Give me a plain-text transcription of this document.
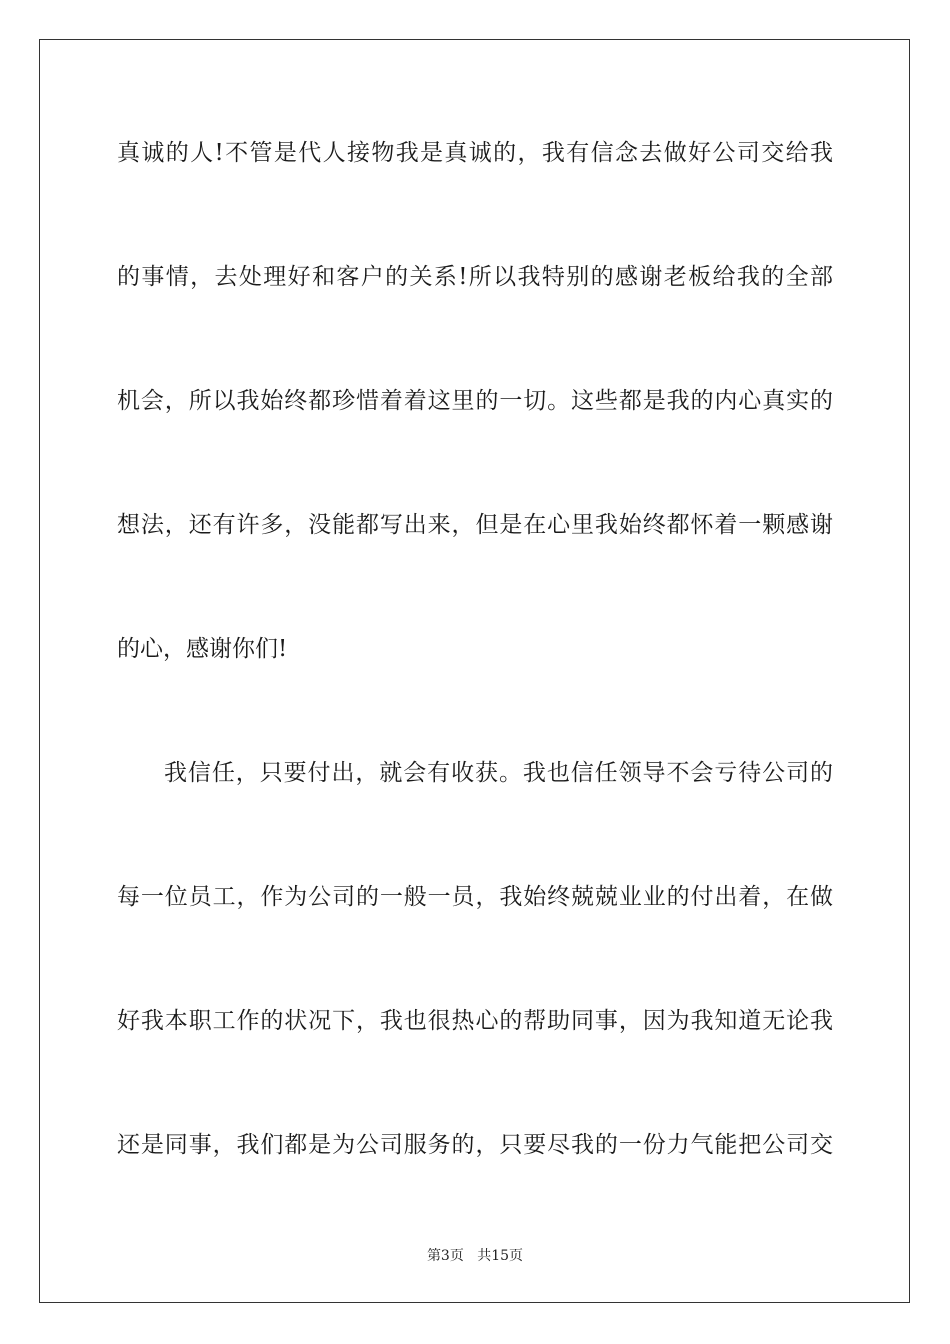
真诚的人!不管是代人接物我是真诚的，我有信念去做好公司交给我
的事情，去处理好和客户的关系!所以我特别的感谢老板给我的全部
机会，所以我始终都珍惜着着这里的一切。这些都是我的内心真实的
想法，还有许多，没能都写出来，但是在心里我始终都怀着一颗感谢
的心，感谢你们!
我信任，只要付出，就会有收获。我也信任领导不会亏待公司的
每一位员工，作为公司的一般一员，我始终兢兢业业的付出着，在做
好我本职工作的状况下，我也很热心的帮助同事，因为我知道无论我
还是同事，我们都是为公司服务的，只要尽我的一份力气能把公司交
第3页 共15页
